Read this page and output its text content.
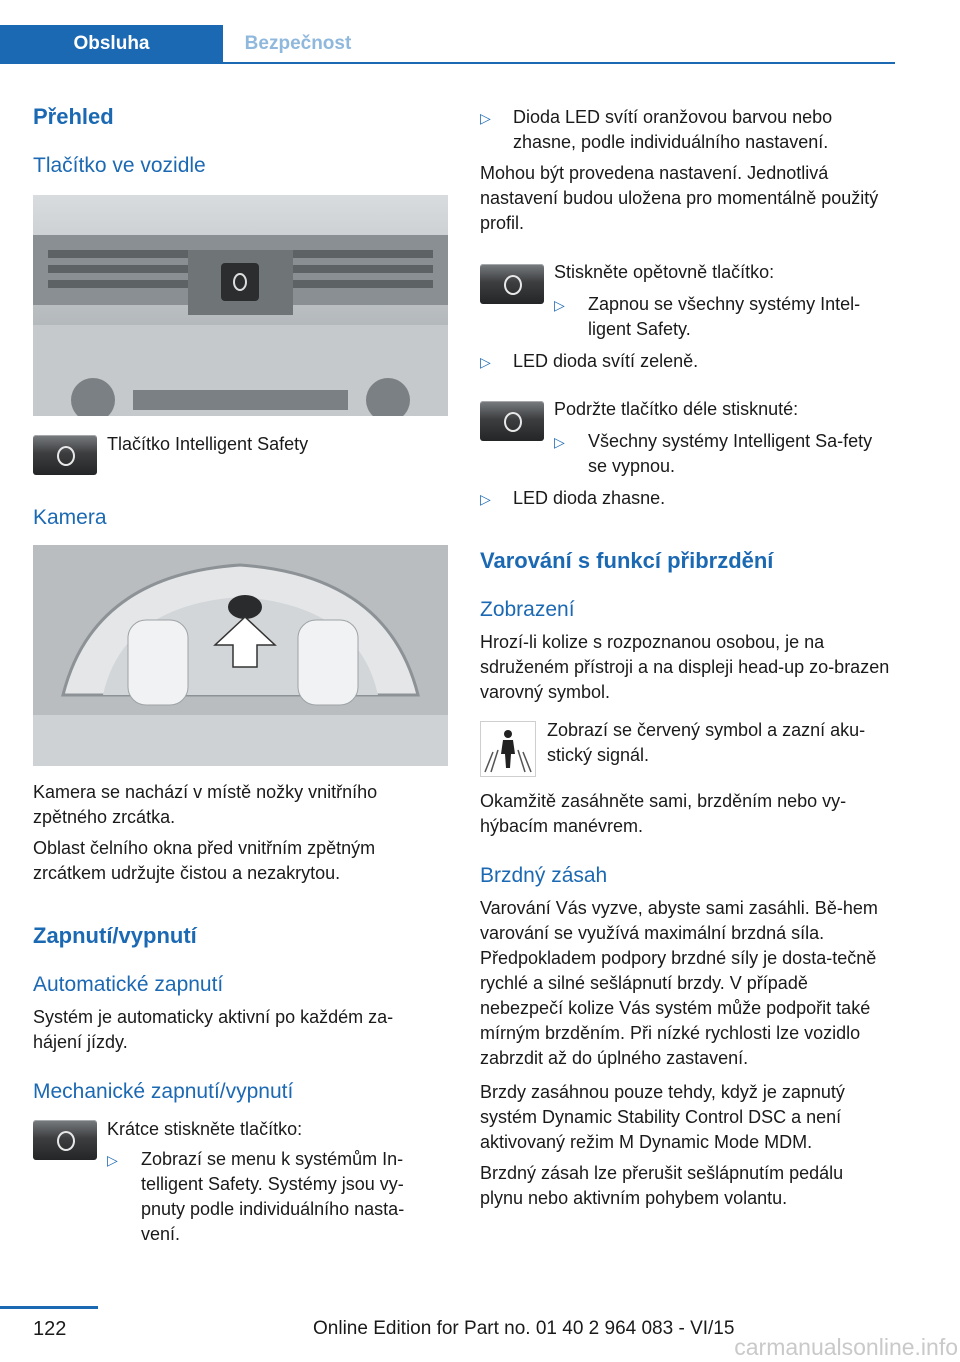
Obsluha	Bezpečnost
Přehled
Tlačítko ve vozidle

Tlačítko Intelligent Safety

Kamera

Kamera se nachází v místě nožky vnitřního zpětného zrcátka.

Oblast čelního okna před vnitřním zpětným zrcátkem udržujte čistou a nezakrytou.

Zapnutí/vypnutí
Automatické zapnutí

Systém je automaticky aktivní po každém za‐hájení jízdy.

Mechanické zapnutí/vypnutí

Krátce stiskněte tlačítko:

▷ Zobrazí se menu k systémům In‐telligent Safety. Systémy jsou vy‐pnuty podle individuálního nasta‐vení.

▷ Dioda LED svítí oranžovou barvou nebo zhasne, podle individuálního nastavení.

Mohou být provedena nastavení. Jednotlivá nastavení budou uložena pro momentálně použitý profil.

Stiskněte opětovně tlačítko:

▷ Zapnou se všechny systémy Intel‐ligent Safety.

▷ LED dioda svítí zeleně.

Podržte tlačítko déle stisknuté:

▷ Všechny systémy Intelligent Sa‐fety se vypnou.

▷ LED dioda zhasne.

Varování s funkcí přibrzdění
Zobrazení

Hrozí-li kolize s rozpoznanou osobou, je na sdruženém přístroji a na displeji head-up zo‐brazen varovný symbol.

Zobrazí se červený symbol a zazní aku‐stický signál.

Okamžitě zasáhněte sami, brzděním nebo vy‐hýbacím manévrem.

Brzdný zásah

Varování Vás vyzve, abyste sami zasáhli. Bě‐hem varování se využívá maximální brzdná síla. Předpokladem podpory brzdné síly je dosta‐tečně rychlé a silné sešlápnutí brzdy. V případě nebezpečí kolize Vás systém může podpořit také mírným brzděním. Při nízké rychlosti lze vozidlo zabrzdit až do úplného zastavení.

Brzdy zasáhnou pouze tehdy, když je zapnutý systém Dynamic Stability Control DSC a není aktivovaný režim M Dynamic Mode MDM.

Brzdný zásah lze přerušit sešlápnutím pedálu plynu nebo aktivním pohybem volantu.

122	Online Edition for Part no. 01 40 2 964 083 - VI/15
carmanualsonline.info
